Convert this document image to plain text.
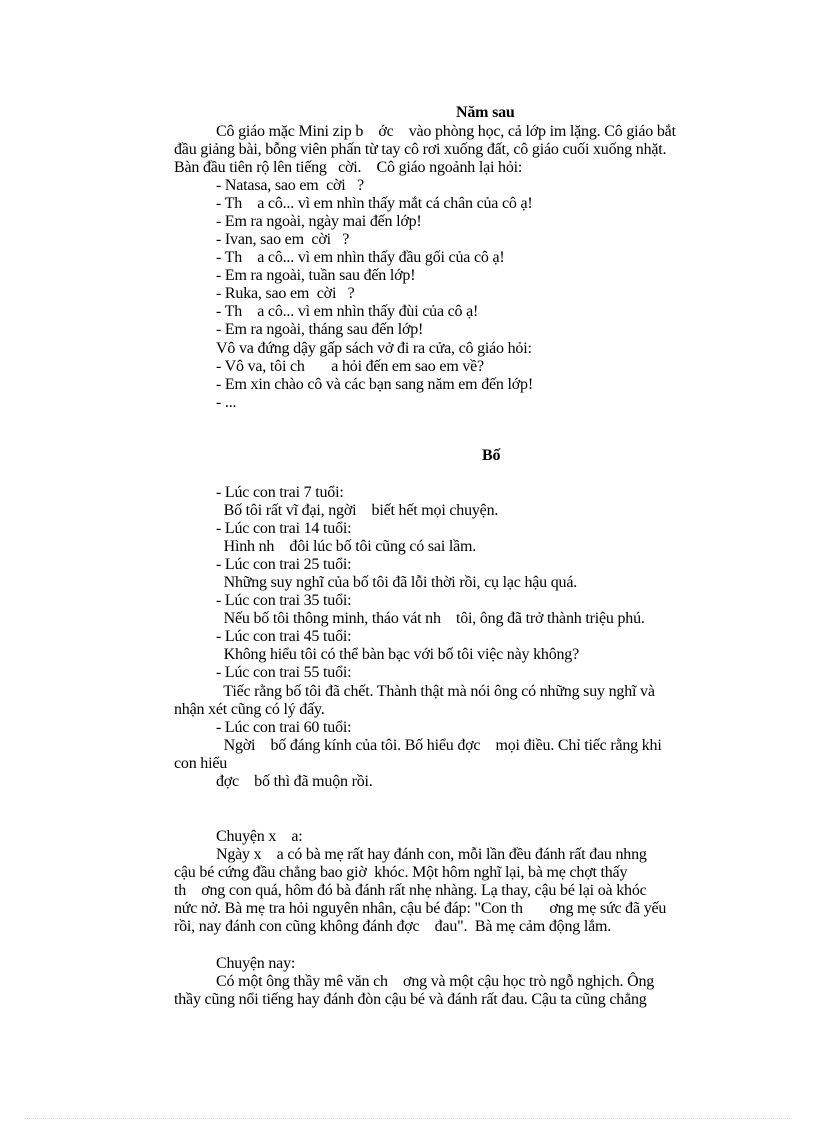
Năm sau
Cô giáo mặc Mini zip b    ớc    vào phòng học, cả lớp im lặng. Cô giáo bắt
đầu giảng bài, bỗng viên phấn từ tay cô rơi xuống đất, cô giáo cuối xuống nhặt.
Bàn đầu tiên rộ lên tiếng   cời.    Cô giáo ngoảnh lại hỏi:
- Natasa, sao em  cời   ?
- Th    a cô... vì em nhìn thấy mắt cá chân của cô ạ!
- Em ra ngoài, ngày mai đến lớp!
- Ivan, sao em  cời   ?
- Th    a cô... vì em nhìn thấy đầu gối của cô ạ!
- Em ra ngoài, tuần sau đến lớp!
- Ruka, sao em  cời   ?
- Th    a cô... vì em nhìn thấy đùi của cô ạ!
- Em ra ngoài, tháng sau đến lớp!
Vô va đứng dậy gấp sách vở đi ra cửa, cô giáo hỏi:
- Vô va, tôi ch       a hỏi đến em sao em về?
- Em xin chào cô và các bạn sang năm em đến lớp!
- ...
Bố
- Lúc con trai 7 tuổi:
Bố tôi rất vĩ đại, ngời    biết hết mọi chuyện.
- Lúc con trai 14 tuổi:
Hình nh    đôi lúc bố tôi cũng có sai lầm.
- Lúc con trai 25 tuổi:
Những suy nghĩ của bố tôi đã lỗi thời rồi, cụ lạc hậu quá.
- Lúc con trai 35 tuổi:
Nếu bố tôi thông minh, tháo vát nh    tôi, ông đã trở thành triệu phú.
- Lúc con trai 45 tuổi:
Không hiểu tôi có thể bàn bạc với bố tôi việc này không?
- Lúc con trai 55 tuổi:
Tiếc rằng bố tôi đã chết. Thành thật mà nói ông có những suy nghĩ và
nhận xét cũng có lý đấy.
- Lúc con trai 60 tuổi:
Ngời    bố đáng kính của tôi. Bố hiểu đợc    mọi điều. Chỉ tiếc rằng khi
con hiểu
đợc    bố thì đã muộn rồi.
Chuyện x    a:
Ngày x    a có bà mẹ rất hay đánh con, mỗi lần đều đánh rất đau nhng
cậu bé cứng đầu chẳng bao giờ  khóc. Một hôm nghĩ lại, bà mẹ chợt thấy
th    ơng con quá, hôm đó bà đánh rất nhẹ nhàng. Lạ thay, cậu bé lại oà khóc
nức nở. Bà mẹ tra hỏi nguyên nhân, cậu bé đáp: "Con th       ơng mẹ sức đã yếu
rồi, nay đánh con cũng không đánh đợc    đau".  Bà mẹ cảm động lắm.
Chuyện nay:
Có một ông thầy mê văn ch    ơng và một cậu học trò ngỗ nghịch. Ông
thầy cũng nổi tiếng hay đánh đòn cậu bé và đánh rất đau. Cậu ta cũng chẳng
